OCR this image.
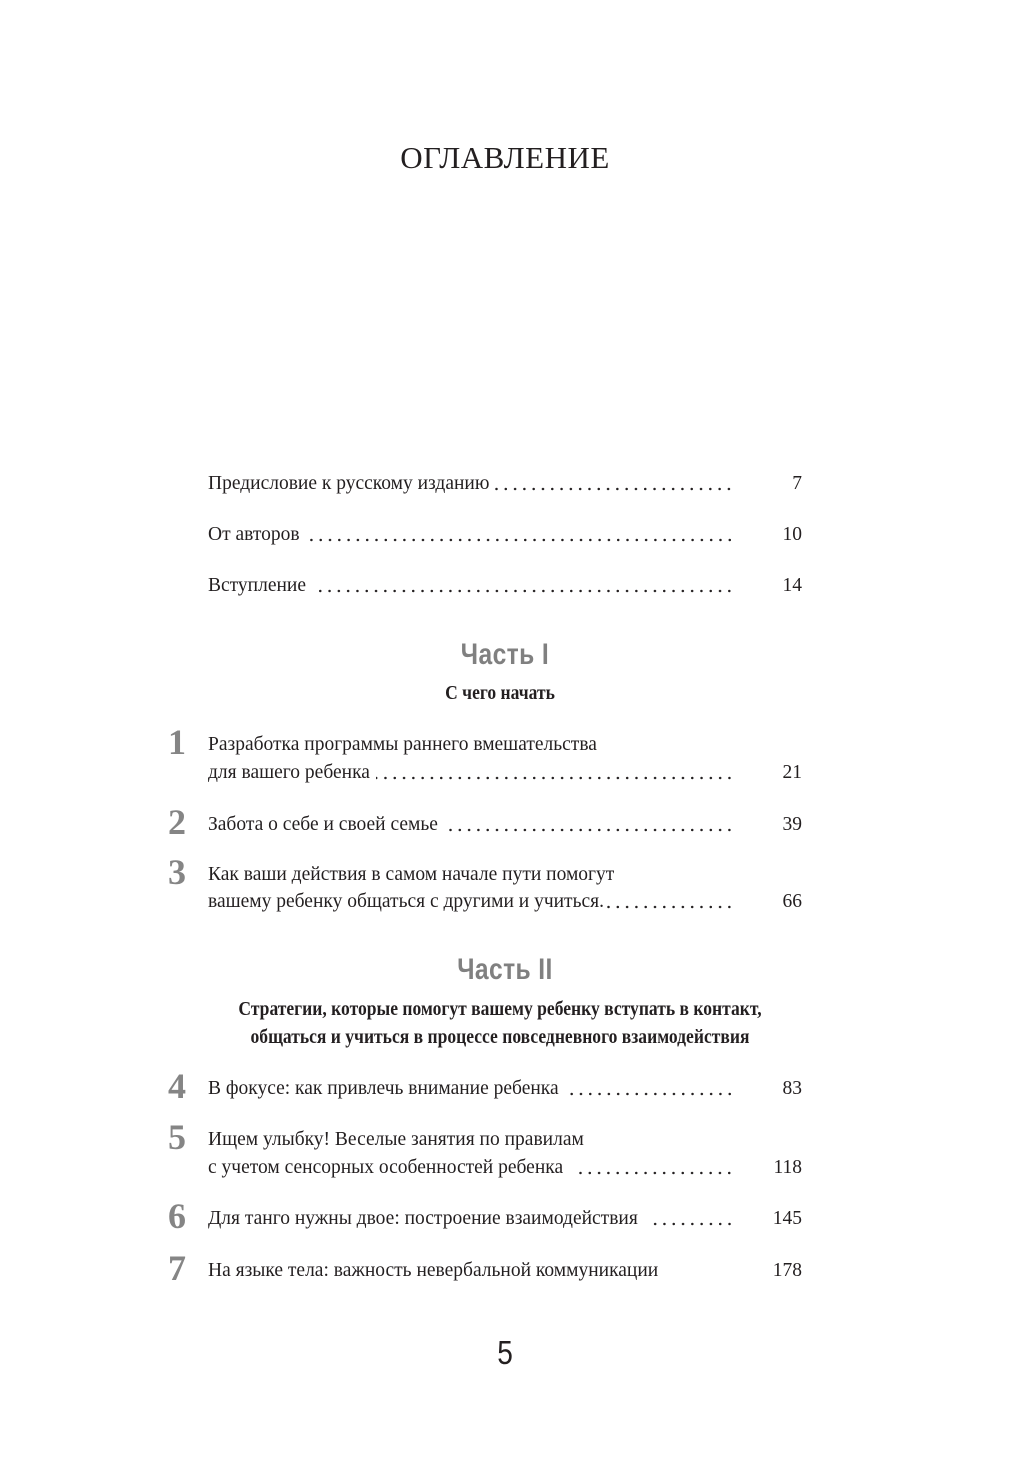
ОГЛАВЛЕНИЕ
Предисловие к русскому изданию	7
От авторов	10
Вступление	14
Часть I
С чего начать
1	Разработка программы раннего вмешательства
для вашего ребенка	21
2	Забота о себе и своей семье	39
3	Как ваши действия в самом начале пути помогут
вашему ребенку общаться с другими и учиться.	66
Часть II
Стратегии, которые помогут вашему ребенку вступать в контакт,
общаться и учиться в процессе повседневного взаимодействия
4	В фокусе: как привлечь внимание ребенка	83
5	Ищем улыбку! Веселые занятия по правилам
с учетом сенсорных особенностей ребенка	118
6	Для танго нужны двое: построение взаимодействия	145
7	На языке тела: важность невербальной коммуникации	178
5
